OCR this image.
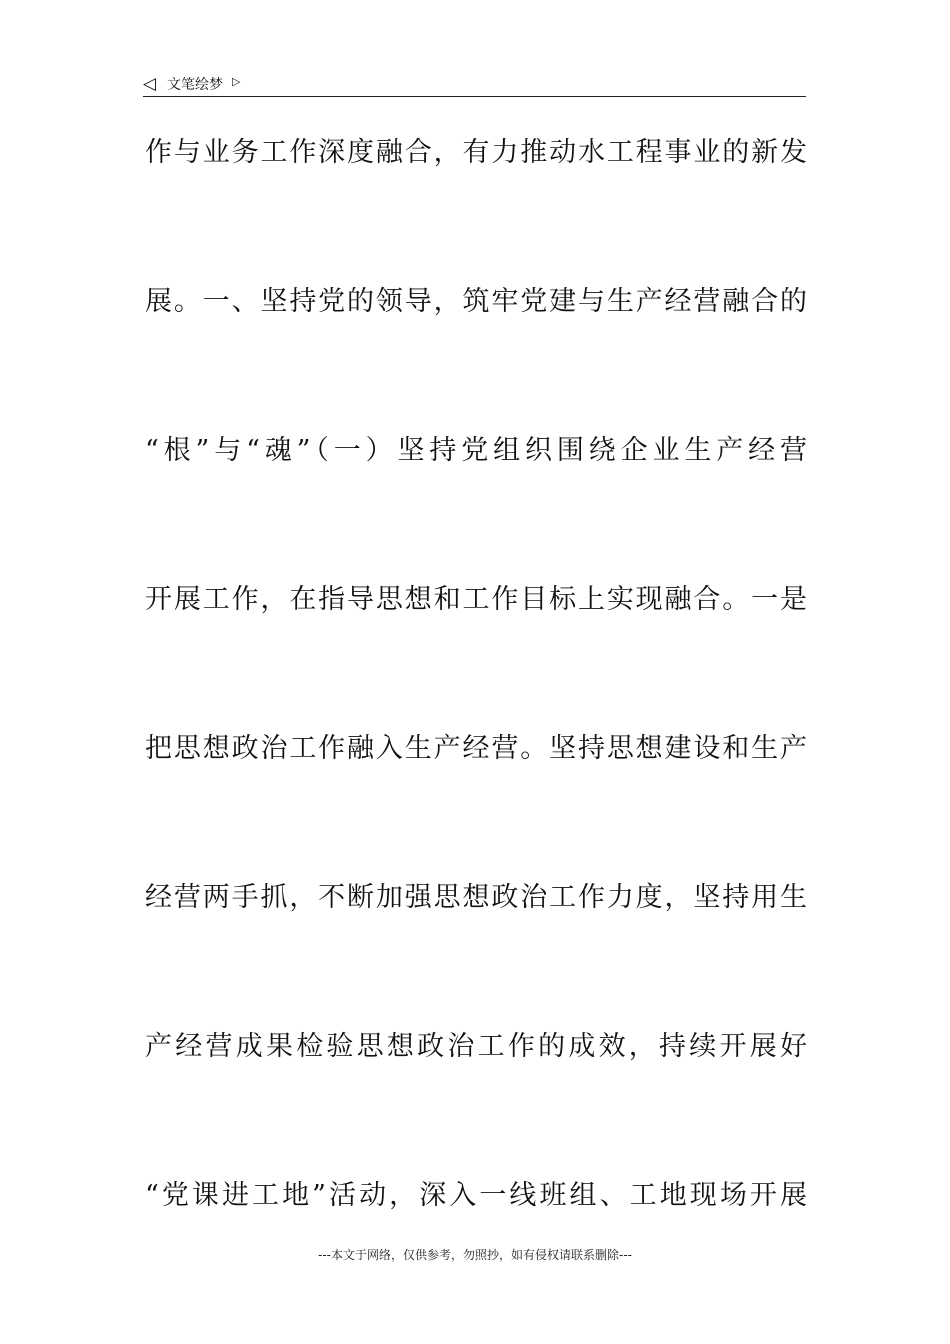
◁ 文笔绘梦 ▷
作与业务工作深度融合，有力推动水工程事业的新发
展。一、坚持党的领导，筑牢党建与生产经营融合的
“根”与“魂”（一）坚持党组织围绕企业生产经营
开展工作，在指导思想和工作目标上实现融合。一是
把思想政治工作融入生产经营。坚持思想建设和生产
经营两手抓，不断加强思想政治工作力度，坚持用生
产经营成果检验思想政治工作的成效，持续开展好
“党课进工地”活动，深入一线班组、工地现场开展
---本文于网络，仅供参考，勿照抄，如有侵权请联系删除---
